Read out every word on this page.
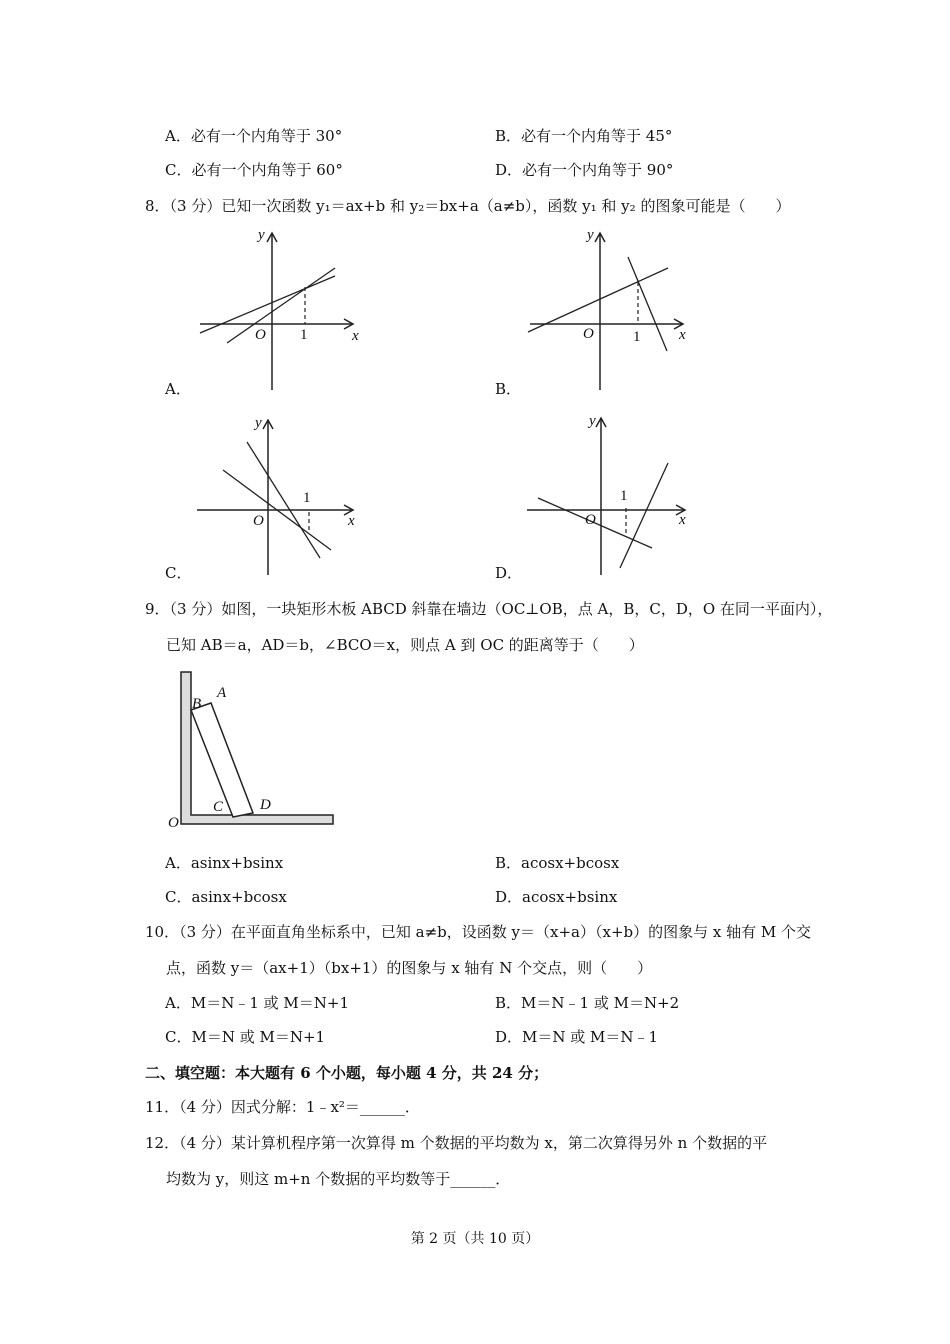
A．必有一个内角等于 30°	B．必有一个内角等于 45°
C．必有一个内角等于 60°	D．必有一个内角等于 90°
8．（3 分）已知一次函数 y₁＝ax+b 和 y₂＝bx+a（a≠b），函数 y₁ 和 y₂ 的图象可能是（　　）
y
x
O 1
A．
y
x
O	1
B．
y
x
O
1
C．
y
x
O
1
D．
9．（3 分）如图，一块矩形木板 ABCD 斜靠在墙边（OC⊥OB，点 A，B，C，D，O 在同一平面内），
已知 AB＝a，AD＝b，∠BCO＝x，则点 A 到 OC 的距离等于（　　）
B
A
C D
O
A．asinx+bsinx	B．acosx+bcosx
C．asinx+bcosx	D．acosx+bsinx
10．（3 分）在平面直角坐标系中，已知 a≠b，设函数 y＝（x+a）（x+b）的图象与 x 轴有 M 个交
点，函数 y＝（ax+1）（bx+1）的图象与 x 轴有 N 个交点，则（　　）
A．M＝N﹣1 或 M＝N+1	B．M＝N﹣1 或 M＝N+2
C．M＝N 或 M＝N+1	D．M＝N 或 M＝N﹣1
二、填空题：本大题有 6 个小题，每小题 4 分，共 24 分；
11．（4 分）因式分解：1﹣x²＝______．
12．（4 分）某计算机程序第一次算得 m 个数据的平均数为 x，第二次算得另外 n 个数据的平
均数为 y，则这 m+n 个数据的平均数等于______．
第 2 页（共 10 页）
